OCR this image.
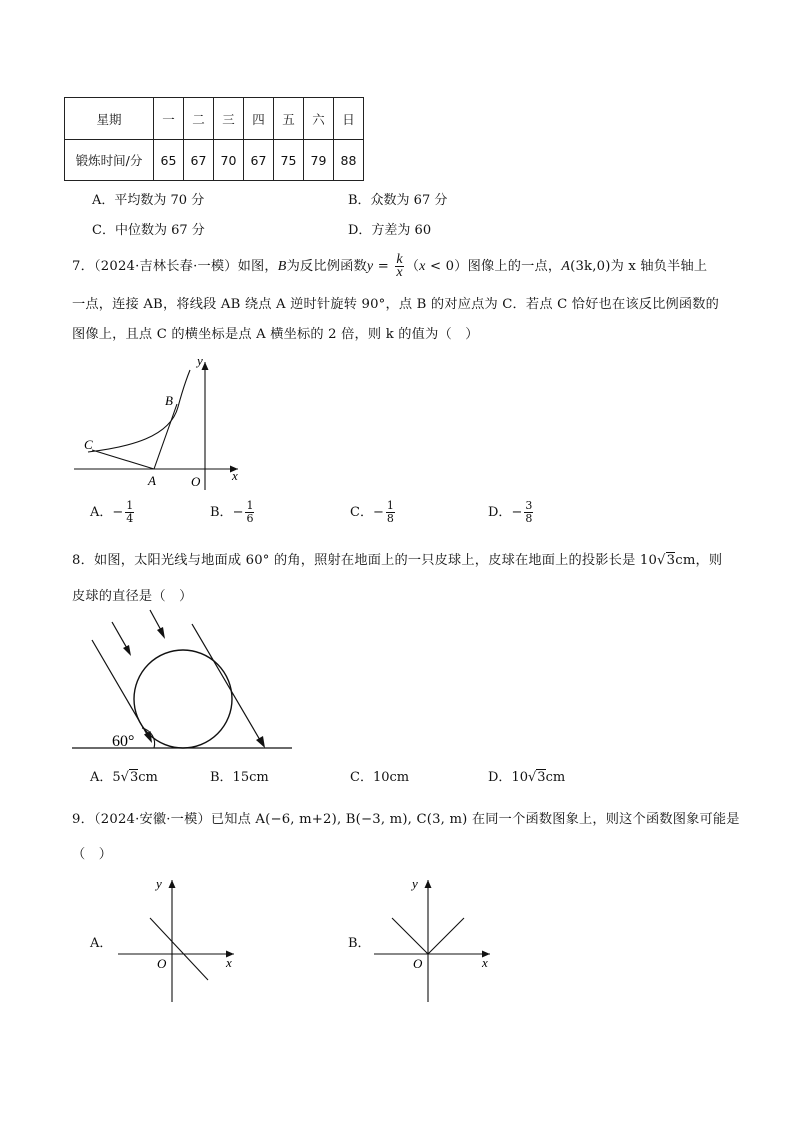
星期	一	二	三	四	五	六	日
锻炼时间/分	65	67	70	67	75	79	88
A．平均数为 70 分	B．众数为 67 分
C．中位数为 67 分	D．方差为 60
7．（2024·吉林长春·一模）如图，B为反比例函数$y = \frac{k}{x} (x < 0)$图像上的一点，A(3k,0)为 x 轴负半轴上
一点，连接 AB，将线段 AB 绕点 A 逆时针旋转 90°，点 B 的对应点为 C．若点 C 恰好也在该反比例函数的
图像上，且点 C 的横坐标是点 A 横坐标的 2 倍，则 k 的值为（　）
y
x
O
A
B
C
A．− $\frac{1}{4}$	B．− $\frac{1}{6}$	C．− $\frac{1}{8}$	D．− $\frac{3}{8}$
8．如图，太阳光线与地面成 60° 的角，照射在地面上的一只皮球上，皮球在地面上的投影长是 10√3cm，则
皮球的直径是（　）
60°
A．5√3cm	B．15cm	C．10cm	D．10√3cm
9．（2024·安徽·一模）已知点 A(−6, m+2), B(−3, m), C(3, m) 在同一个函数图象上，则这个函数图象可能是
（　）
A．
y
x
O
B．
y
x
O
